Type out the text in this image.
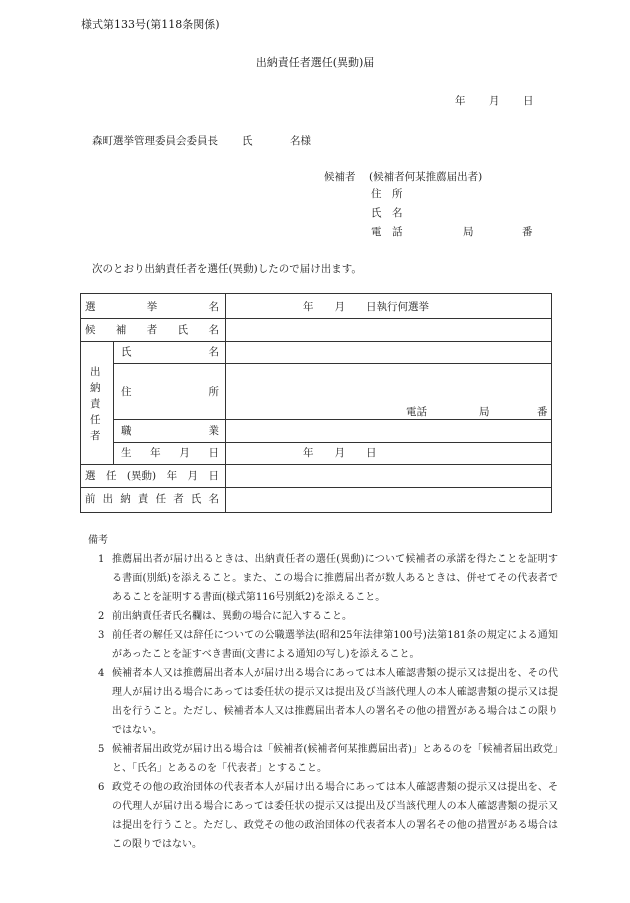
様式第133号(第118条関係)
出納責任者選任(異動)届
年 月 日
森町選挙管理委員会委員長 氏	名様
候補者 (候補者何某推薦届出者)
住　所
氏　名
電　話	局	番
次のとおり出納責任者を選任(異動)したので届け出ます。
選	挙	名	年　　月　　日執行何選挙
候 補 者 氏 名
出
納
責
任
者
氏	名
住	所
電話	局	番
職	業
生 年 月 日	年　　月　　日
選 任 (異動) 年 月 日
前 出 納 責 任 者 氏 名
備考
1 推薦届出者が届け出るときは、出納責任者の選任(異動)について候補者の承諾を得たことを証明する書面(別紙)を添えること。また、この場合に推薦届出者が数人あるときは、併せてその代表者であることを証明する書面(様式第116号別紙2)を添えること。
2 前出納責任者氏名欄は、異動の場合に記入すること。
3 前任者の解任又は辞任についての公職選挙法(昭和25年法律第100号)法第181条の規定による通知があったことを証すべき書面(文書による通知の写し)を添えること。
4 候補者本人又は推薦届出者本人が届け出る場合にあっては本人確認書類の提示又は提出を、その代理人が届け出る場合にあっては委任状の提示又は提出及び当該代理人の本人確認書類の提示又は提出を行うこと。ただし、候補者本人又は推薦届出者本人の署名その他の措置がある場合はこの限りではない。
5 候補者届出政党が届け出る場合は「候補者(候補者何某推薦届出者)」とあるのを「候補者届出政党」と、「氏名」とあるのを「代表者」とすること。
6 政党その他の政治団体の代表者本人が届け出る場合にあっては本人確認書類の提示又は提出を、その代理人が届け出る場合にあっては委任状の提示又は提出及び当該代理人の本人確認書類の提示又は提出を行うこと。ただし、政党その他の政治団体の代表者本人の署名その他の措置がある場合はこの限りではない。
